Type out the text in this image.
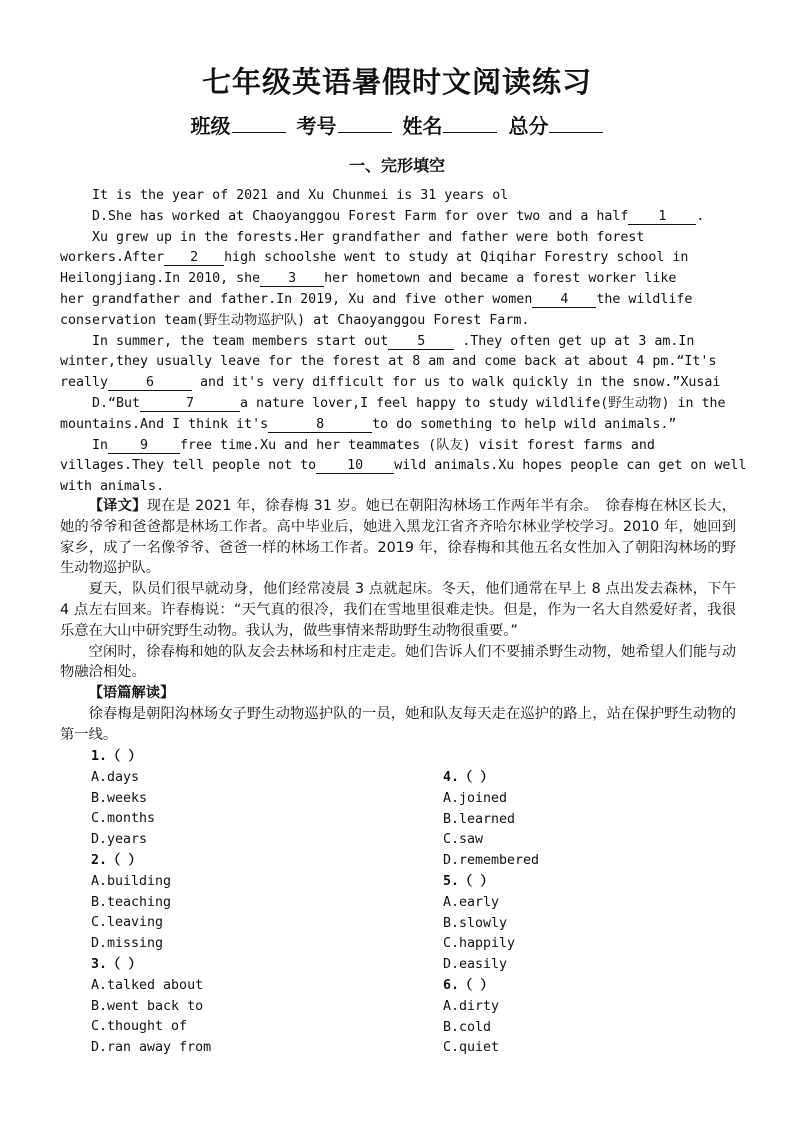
七年级英语暑假时文阅读练习
班级	考号	姓名	总分
一、完形填空
It is the year of 2021 and Xu Chunmei is 31 years ol
D.She has worked at Chaoyanggou Forest Farm for over two and a half 1 .
Xu grew up in the forests.Her grandfather and father were both forest
workers.After 2 high schoolshe went to study at Qiqihar Forestry school in
Heilongjiang.In 2010, she 3 her hometown and became a forest worker like
her grandfather and father.In 2019, Xu and five other women 4 the wildlife
conservation team(野生动物巡护队) at Chaoyanggou Forest Farm.
In summer, the team members start out 5 .They often get up at 3 am.In
winter,they usually leave for the forest at 8 am and come back at about 4 pm.“It's
really	6	and it's very difficult for us to walk quickly in the snow.”Xusai
D.“But	7	a nature lover,I feel happy to study wildlife(野生动物) in the
mountains.And I think it's	8	to do something to help wild animals.”
In 9 free time.Xu and her teammates (队友) visit forest farms and
villages.They tell people not to 10 wild animals.Xu hopes people can get on well
with animals.

【译文】现在是 2021 年，徐春梅 31 岁。她已在朝阳沟林场工作两年半有余。　徐春梅在林区长大，她的爷爷和爸爸都是林场工作者。高中毕业后，她进入黑龙江省齐齐哈尔林业学校学习。2010 年，她回到家乡，成了一名像爷爷、爸爸一样的林场工作者。2019 年，徐春梅和其他五名女性加入了朝阳沟林场的野生动物巡护队。

夏天，队员们很早就动身，他们经常凌晨 3 点就起床。冬天，他们通常在早上 8 点出发去森林，下午 4 点左右回来。许春梅说：“天气真的很冷，我们在雪地里很难走快。但是，作为一名大自然爱好者，我很乐意在大山中研究野生动物。我认为，做些事情来帮助野生动物很重要。”

空闲时，徐春梅和她的队友会去林场和村庄走走。她们告诉人们不要捕杀野生动物，她希望人们能与动物融洽相处。

【语篇解读】

徐春梅是朝阳沟林场女子野生动物巡护队的一员，她和队友每天走在巡护的路上，站在保护野生动物的第一线。

1.（ ）
A.days
B.weeks
C.months
D.years
2.（ ）
A.building
B.teaching
C.leaving
D.missing
3.（ ）
A.talked about
B.went back to
C.thought of
D.ran away from
4.（ ）
A.joined
B.learned
C.saw
D.remembered
5.（ ）
A.early
B.slowly
C.happily
D.easily
6.（ ）
A.dirty
B.cold
C.quiet
